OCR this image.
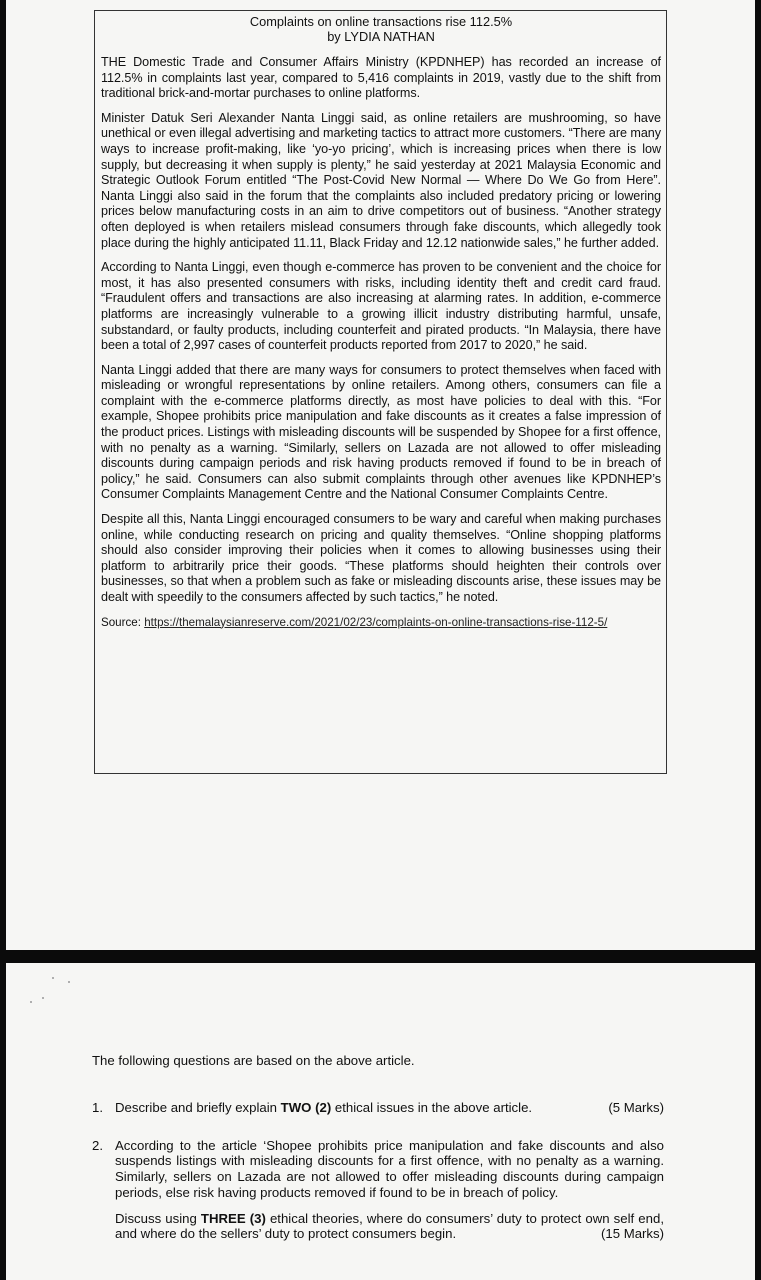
Complaints on online transactions rise 112.5%

by LYDIA NATHAN

THE Domestic Trade and Consumer Affairs Ministry (KPDNHEP) has recorded an increase of 112.5% in complaints last year, compared to 5,416 complaints in 2019, vastly due to the shift from traditional brick-and-mortar purchases to online platforms.

Minister Datuk Seri Alexander Nanta Linggi said, as online retailers are mushrooming, so have unethical or even illegal advertising and marketing tactics to attract more customers. “There are many ways to increase profit-making, like ‘yo-yo pricing’, which is increasing prices when there is low supply, but decreasing it when supply is plenty,” he said yesterday at 2021 Malaysia Economic and Strategic Outlook Forum entitled “The Post-Covid New Normal — Where Do We Go from Here”. Nanta Linggi also said in the forum that the complaints also included predatory pricing or lowering prices below manufacturing costs in an aim to drive competitors out of business. “Another strategy often deployed is when retailers mislead consumers through fake discounts, which allegedly took place during the highly anticipated 11.11, Black Friday and 12.12 nationwide sales,” he further added.

According to Nanta Linggi, even though e-commerce has proven to be convenient and the choice for most, it has also presented consumers with risks, including identity theft and credit card fraud. “Fraudulent offers and transactions are also increasing at alarming rates. In addition, e-commerce platforms are increasingly vulnerable to a growing illicit industry distributing harmful, unsafe, substandard, or faulty products, including counterfeit and pirated products. “In Malaysia, there have been a total of 2,997 cases of counterfeit products reported from 2017 to 2020,” he said.

Nanta Linggi added that there are many ways for consumers to protect themselves when faced with misleading or wrongful representations by online retailers. Among others, consumers can file a complaint with the e-commerce platforms directly, as most have policies to deal with this. “For example, Shopee prohibits price manipulation and fake discounts as it creates a false impression of the product prices. Listings with misleading discounts will be suspended by Shopee for a first offence, with no penalty as a warning. “Similarly, sellers on Lazada are not allowed to offer misleading discounts during campaign periods and risk having products removed if found to be in breach of policy,” he said. Consumers can also submit complaints through other avenues like KPDNHEP’s Consumer Complaints Management Centre and the National Consumer Complaints Centre.

Despite all this, Nanta Linggi encouraged consumers to be wary and careful when making purchases online, while conducting research on pricing and quality themselves. “Online shopping platforms should also consider improving their policies when it comes to allowing businesses using their platform to arbitrarily price their goods. “These platforms should heighten their controls over businesses, so that when a problem such as fake or misleading discounts arise, these issues may be dealt with speedily to the consumers affected by such tactics,” he noted.

Source: https://themalaysianreserve.com/2021/02/23/complaints-on-online-transactions-rise-112-5/

The following questions are based on the above article.

1. Describe and briefly explain TWO (2) ethical issues in the above article.	(5 Marks)
2. According to the article ‘Shopee prohibits price manipulation and fake discounts and also suspends listings with misleading discounts for a first offence, with no penalty as a warning. Similarly, sellers on Lazada are not allowed to offer misleading discounts during campaign periods, else risk having products removed if found to be in breach of policy.

Discuss using THREE (3) ethical theories, where do consumers’ duty to protect own self end, and where do the sellers’ duty to protect consumers begin.	(15 Marks)
